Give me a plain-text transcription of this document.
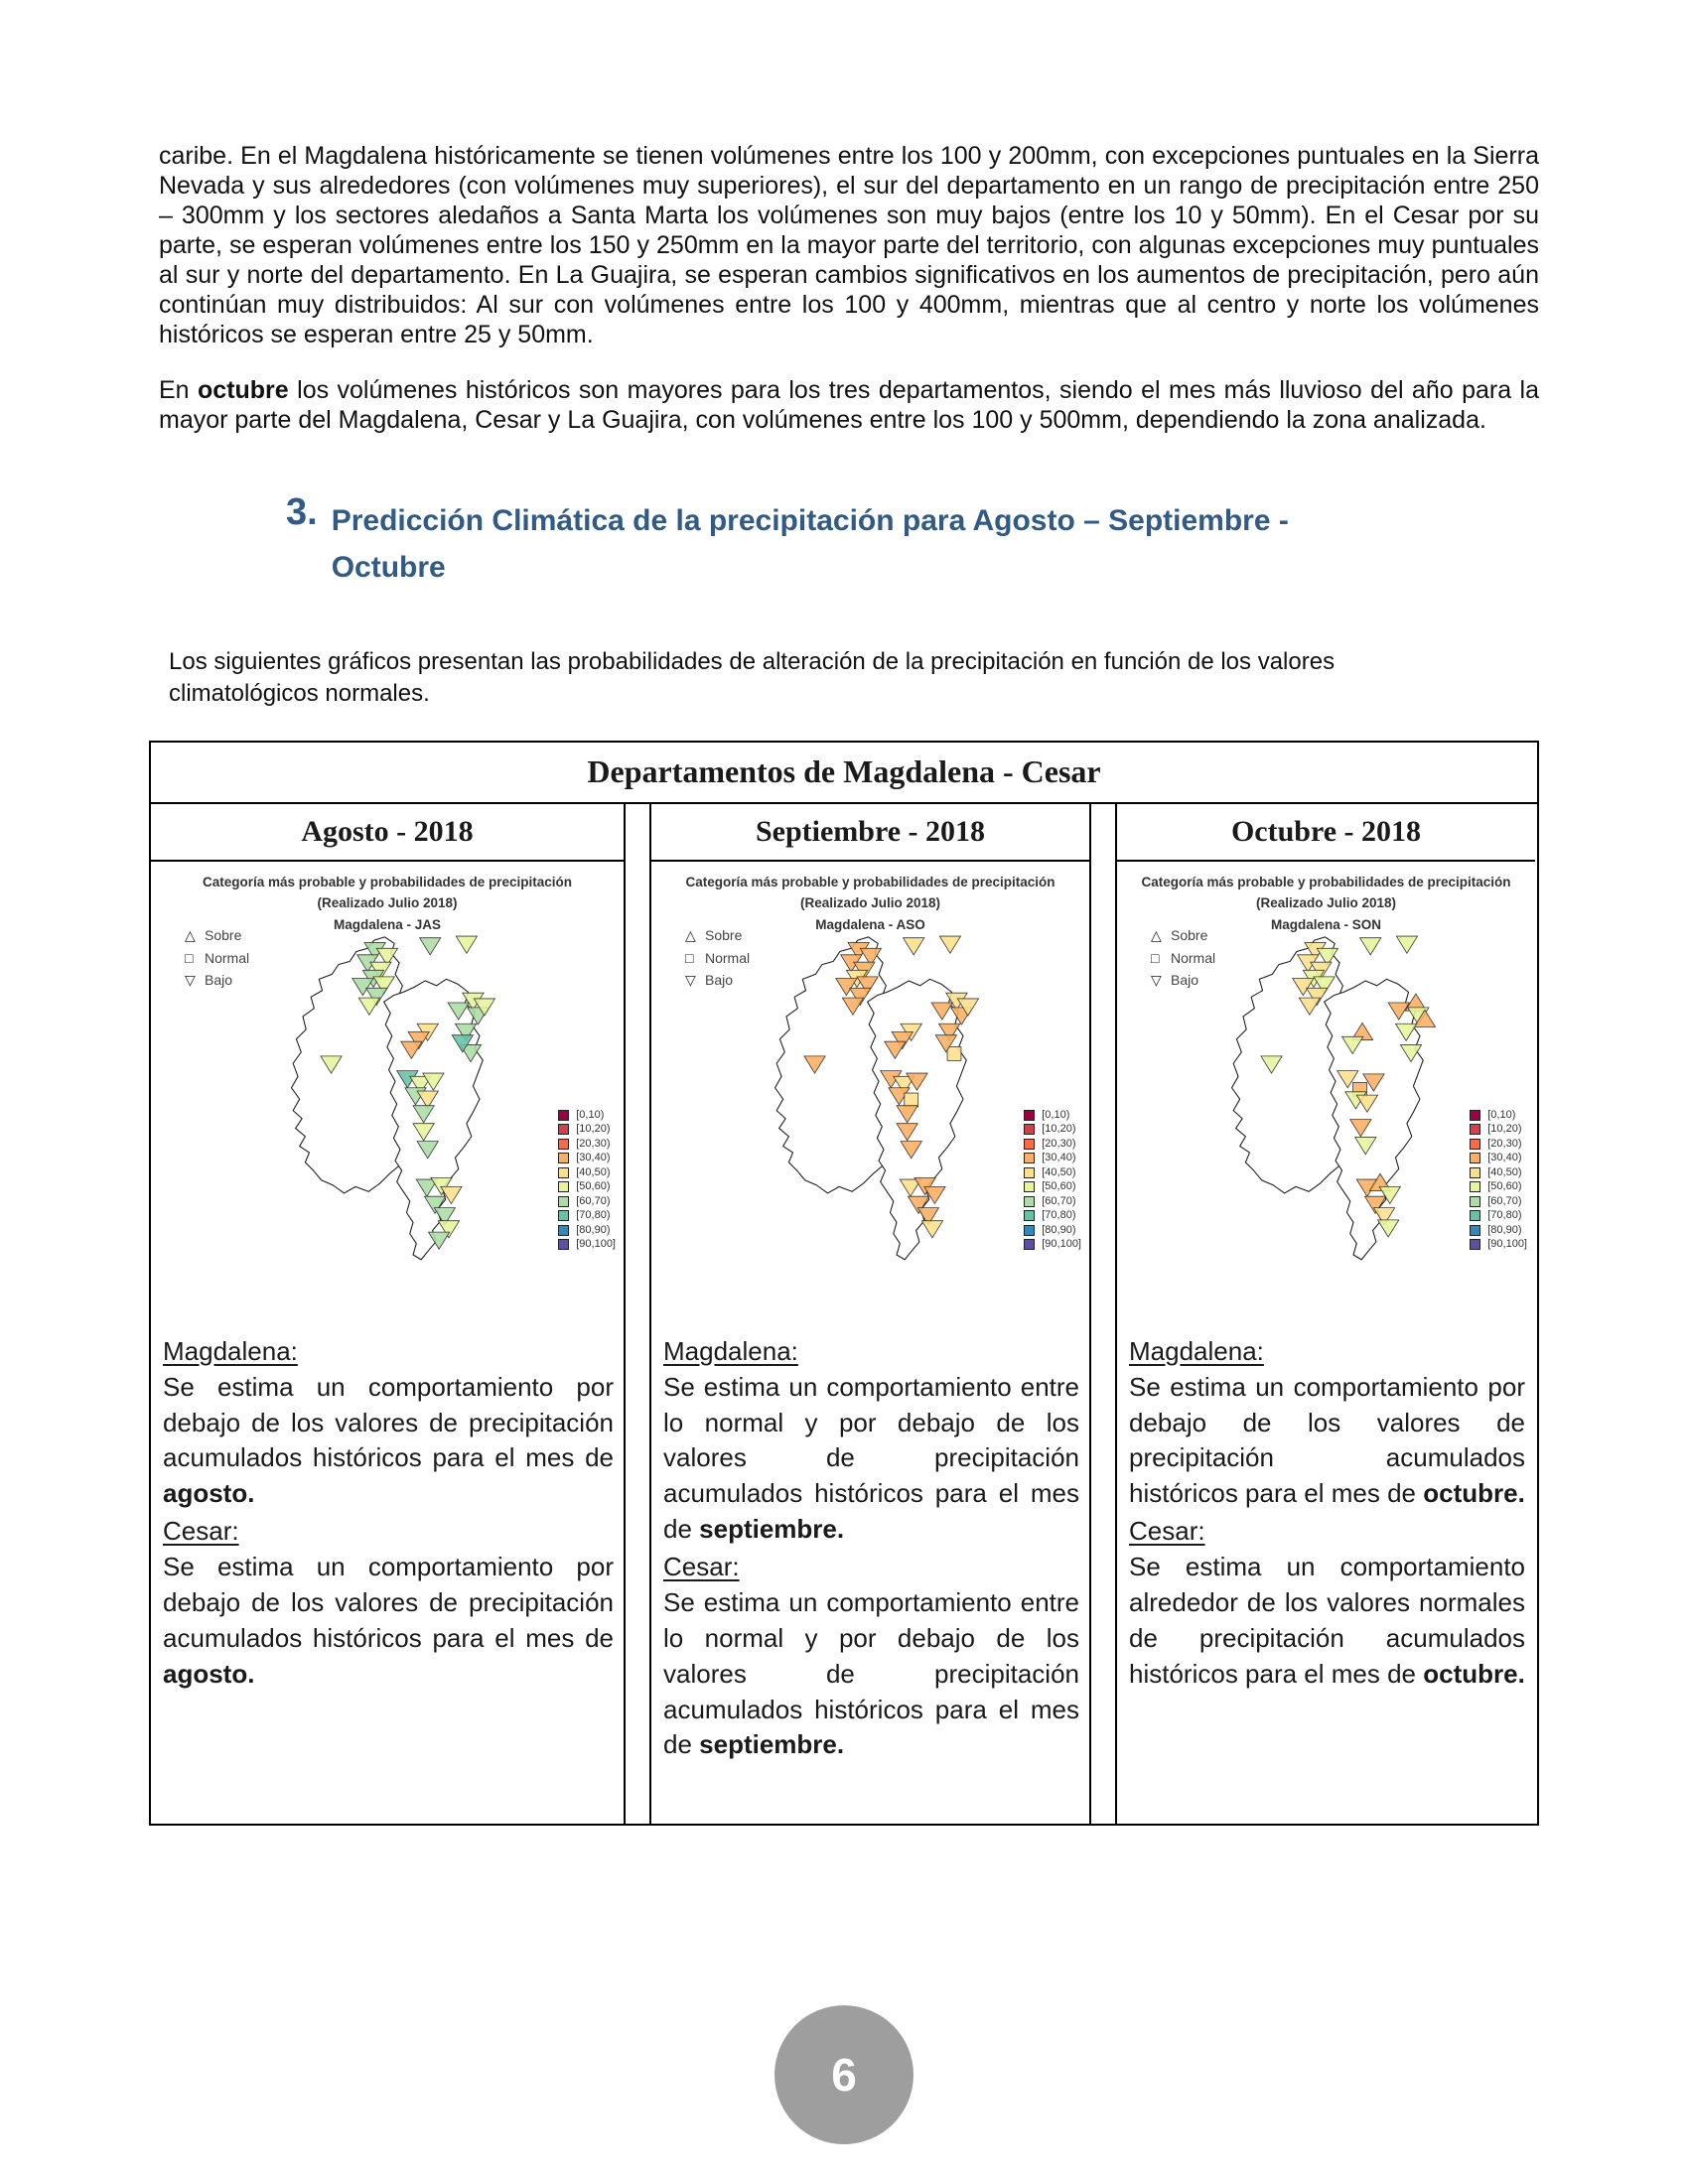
caribe. En el Magdalena históricamente se tienen volúmenes entre los 100 y 200mm, con excepciones puntuales en la Sierra Nevada y sus alrededores (con volúmenes muy superiores), el sur del departamento en un rango de precipitación entre 250 – 300mm y los sectores aledaños a Santa Marta los volúmenes son muy bajos (entre los 10 y 50mm). En el Cesar por su parte, se esperan volúmenes entre los 150 y 250mm en la mayor parte del territorio, con algunas excepciones muy puntuales al sur y norte del departamento. En La Guajira, se esperan cambios significativos en los aumentos de precipitación, pero aún continúan muy distribuidos: Al sur con volúmenes entre los 100 y 400mm, mientras que al centro y norte los volúmenes históricos se esperan entre 25 y 50mm.

En octubre los volúmenes históricos son mayores para los tres departamentos, siendo el mes más lluvioso del año para la mayor parte del Magdalena, Cesar y La Guajira, con volúmenes entre los 100 y 500mm, dependiendo la zona analizada.

3. Predicción Climática de la precipitación para Agosto – Septiembre -
Octubre

Los siguientes gráficos presentan las probabilidades de alteración de la precipitación en función de los valores climatológicos normales.

Departamentos de Magdalena - Cesar
Agosto - 2018
Categoría más probable y probabilidades de precipitación
(Realizado Julio 2018)
Magdalena - JAS
△ Sobre
□ Normal
▽ Bajo
[0,10)
[10,20)
[20,30)
[30,40)
[40,50)
[50,60)
[60,70)
[70,80)
[80,90)
[90,100]
Magdalena:

Se estima un comportamiento por debajo de los valores de precipitación acumulados históricos para el mes de agosto.

Cesar:

Se estima un comportamiento por debajo de los valores de precipitación acumulados históricos para el mes de agosto.

Septiembre - 2018
Categoría más probable y probabilidades de precipitación
(Realizado Julio 2018)
Magdalena - ASO
△ Sobre
□ Normal
▽ Bajo
[0,10)
[10,20)
[20,30)
[30,40)
[40,50)
[50,60)
[60,70)
[70,80)
[80,90)
[90,100]
Magdalena:

Se estima un comportamiento entre lo normal y por debajo de los valores de precipitación acumulados históricos para el mes de septiembre.

Cesar:

Se estima un comportamiento entre lo normal y por debajo de los valores de precipitación acumulados históricos para el mes de septiembre.

Octubre - 2018
Categoría más probable y probabilidades de precipitación
(Realizado Julio 2018)
Magdalena - SON
△ Sobre
□ Normal
▽ Bajo
[0,10)
[10,20)
[20,30)
[30,40)
[40,50)
[50,60)
[60,70)
[70,80)
[80,90)
[90,100]
Magdalena:

Se estima un comportamiento por debajo de los valores de precipitación acumulados históricos para el mes de octubre.

Cesar:

Se estima un comportamiento alrededor de los valores normales de precipitación acumulados históricos para el mes de octubre.

6
